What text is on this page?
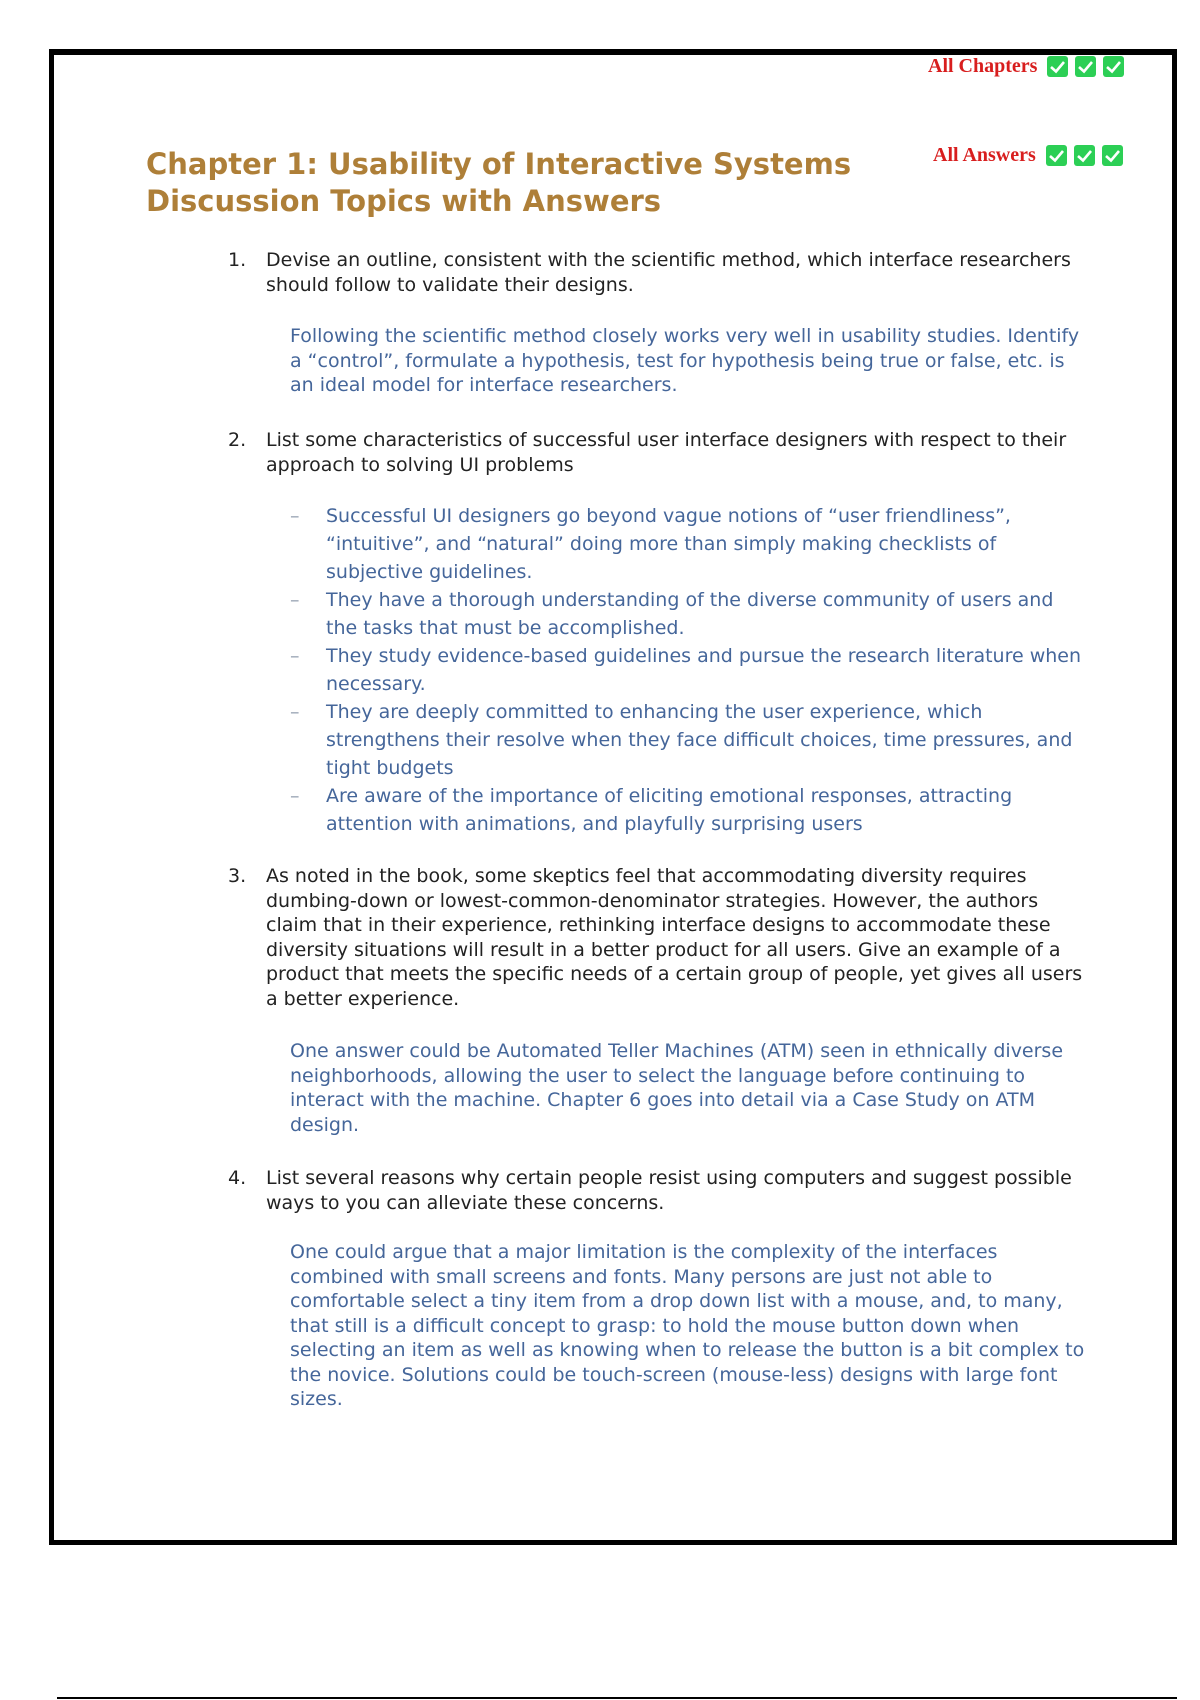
All Chapters
All Answers
Chapter 1: Usability of Interactive Systems
Discussion Topics with Answers
1. Devise an outline, consistent with the scientific method, which interface researchers should follow to validate their designs.
Following the scientific method closely works very well in usability studies. Identify a “control”, formulate a hypothesis, test for hypothesis being true or false, etc. is an ideal model for interface researchers.
2. List some characteristics of successful user interface designers with respect to their approach to solving UI problems
– Successful UI designers go beyond vague notions of “user friendliness”, “intuitive”, and “natural” doing more than simply making checklists of subjective guidelines.
– They have a thorough understanding of the diverse community of users and the tasks that must be accomplished.
– They study evidence-based guidelines and pursue the research literature when necessary.
– They are deeply committed to enhancing the user experience, which strengthens their resolve when they face difficult choices, time pressures, and tight budgets
– Are aware of the importance of eliciting emotional responses, attracting attention with animations, and playfully surprising users
3. As noted in the book, some skeptics feel that accommodating diversity requires dumbing-down or lowest-common-denominator strategies. However, the authors claim that in their experience, rethinking interface designs to accommodate these diversity situations will result in a better product for all users. Give an example of a product that meets the specific needs of a certain group of people, yet gives all users a better experience.
One answer could be Automated Teller Machines (ATM) seen in ethnically diverse neighborhoods, allowing the user to select the language before continuing to interact with the machine. Chapter 6 goes into detail via a Case Study on ATM design.
4. List several reasons why certain people resist using computers and suggest possible ways to you can alleviate these concerns.
One could argue that a major limitation is the complexity of the interfaces combined with small screens and fonts. Many persons are just not able to comfortable select a tiny item from a drop down list with a mouse, and, to many, that still is a difficult concept to grasp: to hold the mouse button down when selecting an item as well as knowing when to release the button is a bit complex to the novice. Solutions could be touch-screen (mouse-less) designs with large font sizes.
